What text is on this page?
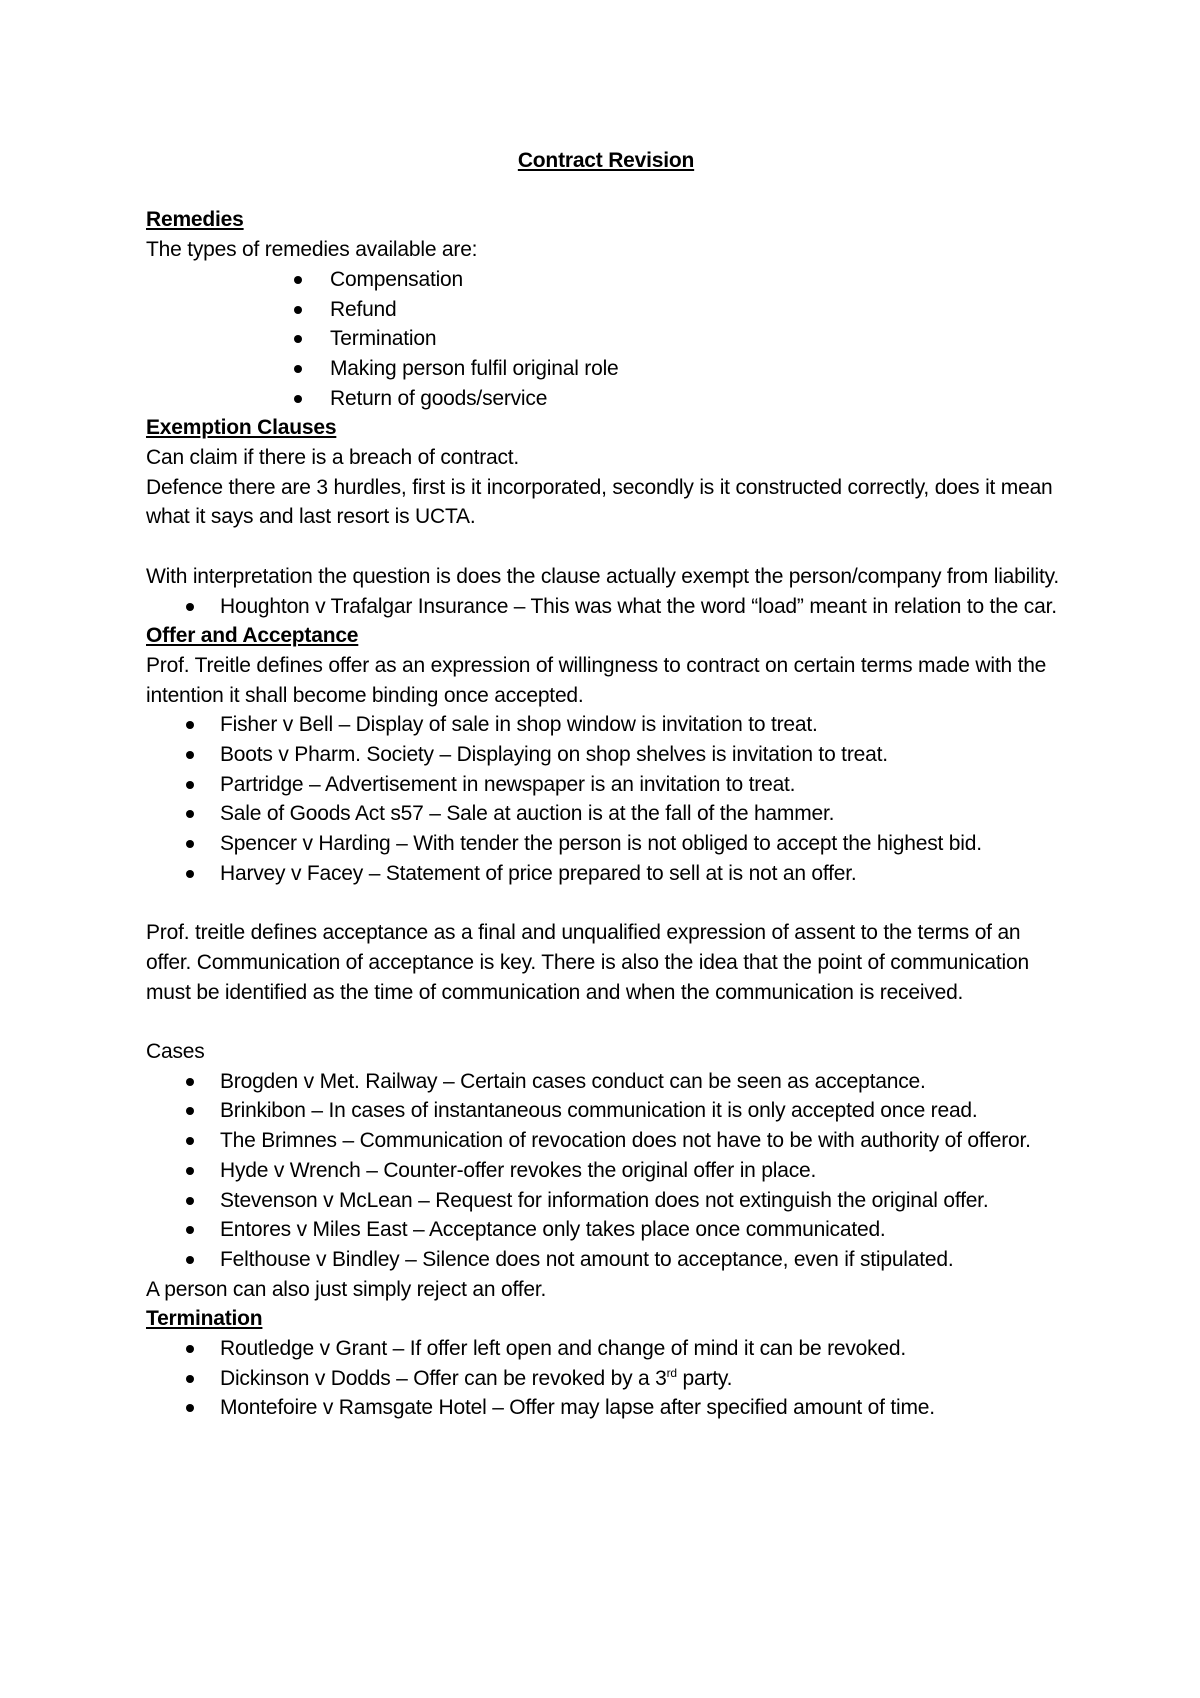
Contract Revision

Remedies

The types of remedies available are:

Compensation
Refund
Termination
Making person fulfil original role
Return of goods/service

Exemption Clauses

Can claim if there is a breach of contract.

Defence there are 3 hurdles, first is it incorporated, secondly is it constructed correctly, does it mean what it says and last resort is UCTA.

With interpretation the question is does the clause actually exempt the person/company from liability.

Houghton v Trafalgar Insurance – This was what the word “load” meant in relation to the car.

Offer and Acceptance

Prof. Treitle defines offer as an expression of willingness to contract on certain terms made with the intention it shall become binding once accepted.

Fisher v Bell – Display of sale in shop window is invitation to treat.
Boots v Pharm. Society – Displaying on shop shelves is invitation to treat.
Partridge – Advertisement in newspaper is an invitation to treat.
Sale of Goods Act s57 – Sale at auction is at the fall of the hammer.
Spencer v Harding – With tender the person is not obliged to accept the highest bid.
Harvey v Facey – Statement of price prepared to sell at is not an offer.

Prof. treitle defines acceptance as a final and unqualified expression of assent to the terms of an offer. Communication of acceptance is key. There is also the idea that the point of communication must be identified as the time of communication and when the communication is received.

Cases

Brogden v Met. Railway – Certain cases conduct can be seen as acceptance.
Brinkibon – In cases of instantaneous communication it is only accepted once read.
The Brimnes – Communication of revocation does not have to be with authority of offeror.
Hyde v Wrench – Counter-offer revokes the original offer in place.
Stevenson v McLean – Request for information does not extinguish the original offer.
Entores v Miles East – Acceptance only takes place once communicated.
Felthouse v Bindley – Silence does not amount to acceptance, even if stipulated.

A person can also just simply reject an offer.

Termination

Routledge v Grant – If offer left open and change of mind it can be revoked.
Dickinson v Dodds – Offer can be revoked by a 3rd party.
Montefoire v Ramsgate Hotel – Offer may lapse after specified amount of time.
